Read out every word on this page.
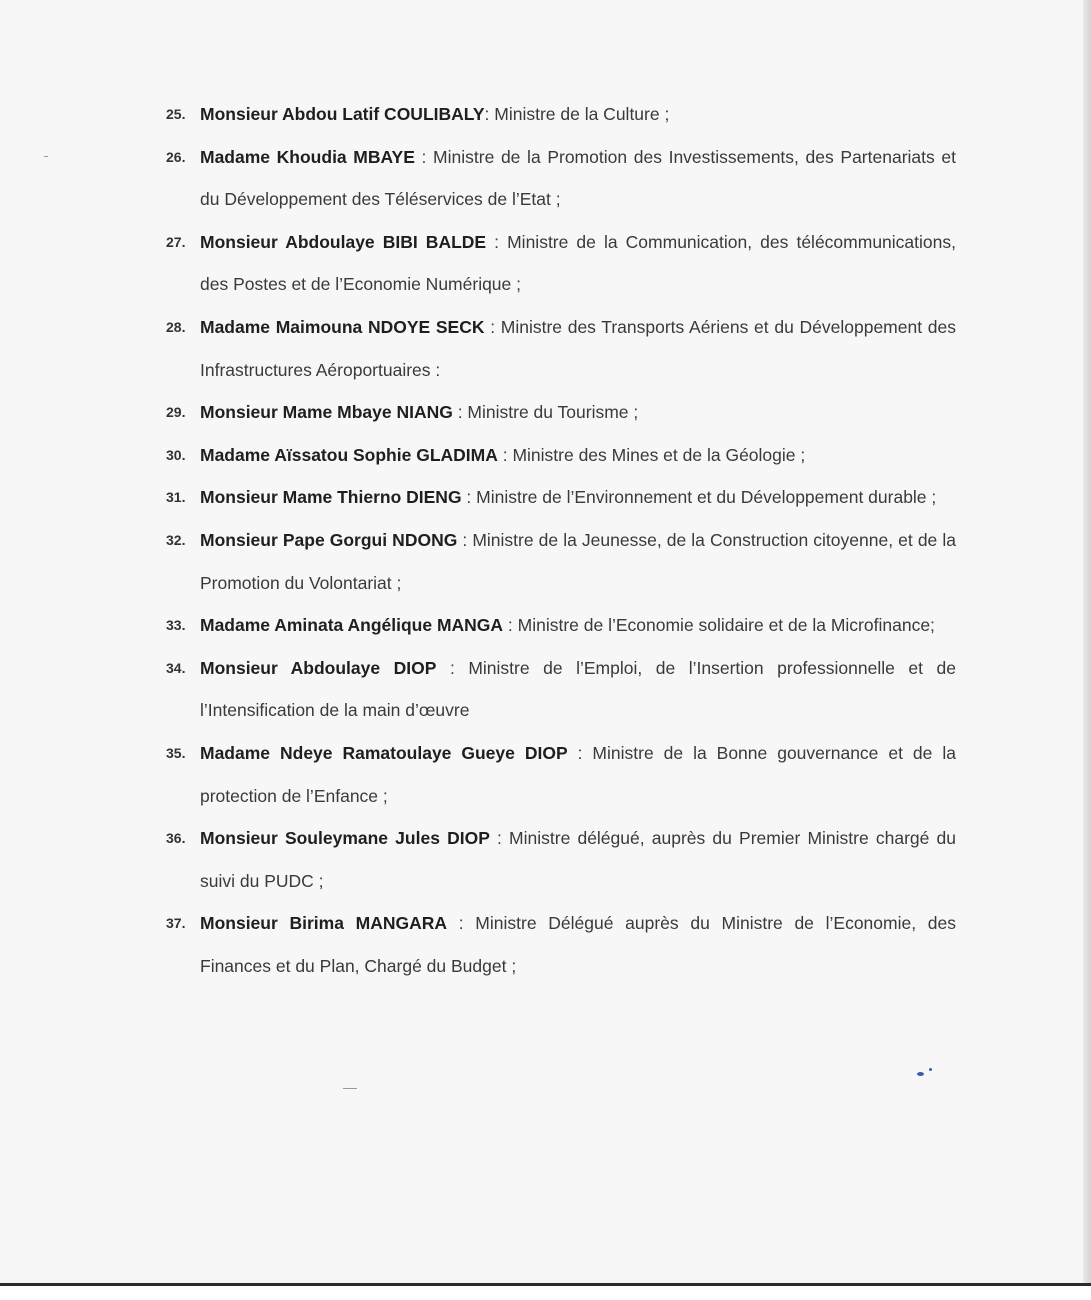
25. Monsieur Abdou Latif COULIBALY: Ministre de la Culture ;
26. Madame Khoudia MBAYE : Ministre de la Promotion des Investissements, des Partenariats et du Développement des Téléservices de l’Etat ;
27. Monsieur Abdoulaye BIBI BALDE : Ministre de la Communication, des télécommunications, des Postes et de l’Economie Numérique ;
28. Madame Maimouna NDOYE SECK : Ministre des Transports Aériens et du Développement des Infrastructures Aéroportuaires :
29. Monsieur Mame Mbaye NIANG : Ministre du Tourisme ;
30. Madame Aïssatou Sophie GLADIMA : Ministre des Mines et de la Géologie ;
31. Monsieur Mame Thierno DIENG : Ministre de l’Environnement et du Développement durable ;
32. Monsieur Pape Gorgui NDONG : Ministre de la Jeunesse, de la Construction citoyenne, et de la Promotion du Volontariat ;
33. Madame Aminata Angélique MANGA : Ministre de l’Economie solidaire et de la Microfinance;
34. Monsieur Abdoulaye DIOP : Ministre de l’Emploi, de l’Insertion professionnelle et de l’Intensification de la main d’œuvre
35. Madame Ndeye Ramatoulaye Gueye DIOP : Ministre de la Bonne gouvernance et de la protection de l’Enfance ;
36. Monsieur Souleymane Jules DIOP : Ministre délégué, auprès du Premier Ministre chargé du suivi du PUDC ;
37. Monsieur Birima MANGARA : Ministre Délégué auprès du Ministre de l’Economie, des Finances et du Plan, Chargé du Budget ;
